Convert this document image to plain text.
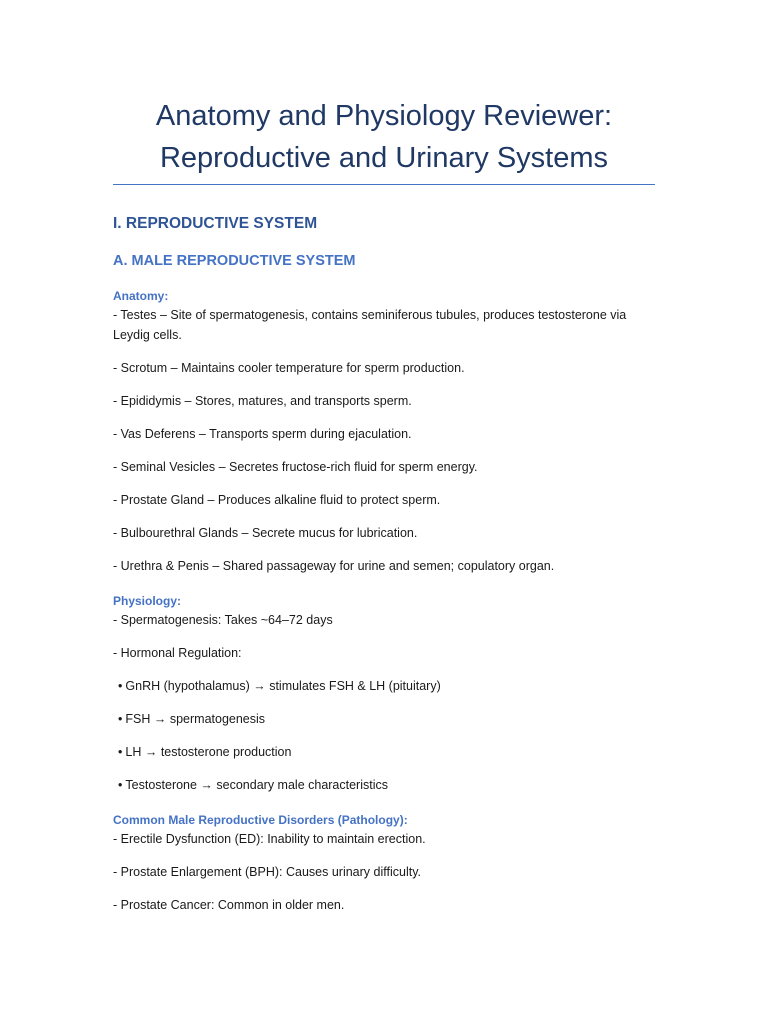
Anatomy and Physiology Reviewer:
Reproductive and Urinary Systems
I. REPRODUCTIVE SYSTEM
A. MALE REPRODUCTIVE SYSTEM
Anatomy:

- Testes – Site of spermatogenesis, contains seminiferous tubules, produces testosterone via Leydig cells.

- Scrotum – Maintains cooler temperature for sperm production.

- Epididymis – Stores, matures, and transports sperm.

- Vas Deferens – Transports sperm during ejaculation.

- Seminal Vesicles – Secretes fructose-rich fluid for sperm energy.

- Prostate Gland – Produces alkaline fluid to protect sperm.

- Bulbourethral Glands – Secrete mucus for lubrication.

- Urethra & Penis – Shared passageway for urine and semen; copulatory organ.

Physiology:

- Spermatogenesis: Takes ~64–72 days

- Hormonal Regulation:

• GnRH (hypothalamus) → stimulates FSH & LH (pituitary)

• FSH → spermatogenesis

• LH → testosterone production

• Testosterone → secondary male characteristics

Common Male Reproductive Disorders (Pathology):

- Erectile Dysfunction (ED): Inability to maintain erection.

- Prostate Enlargement (BPH): Causes urinary difficulty.

- Prostate Cancer: Common in older men.
